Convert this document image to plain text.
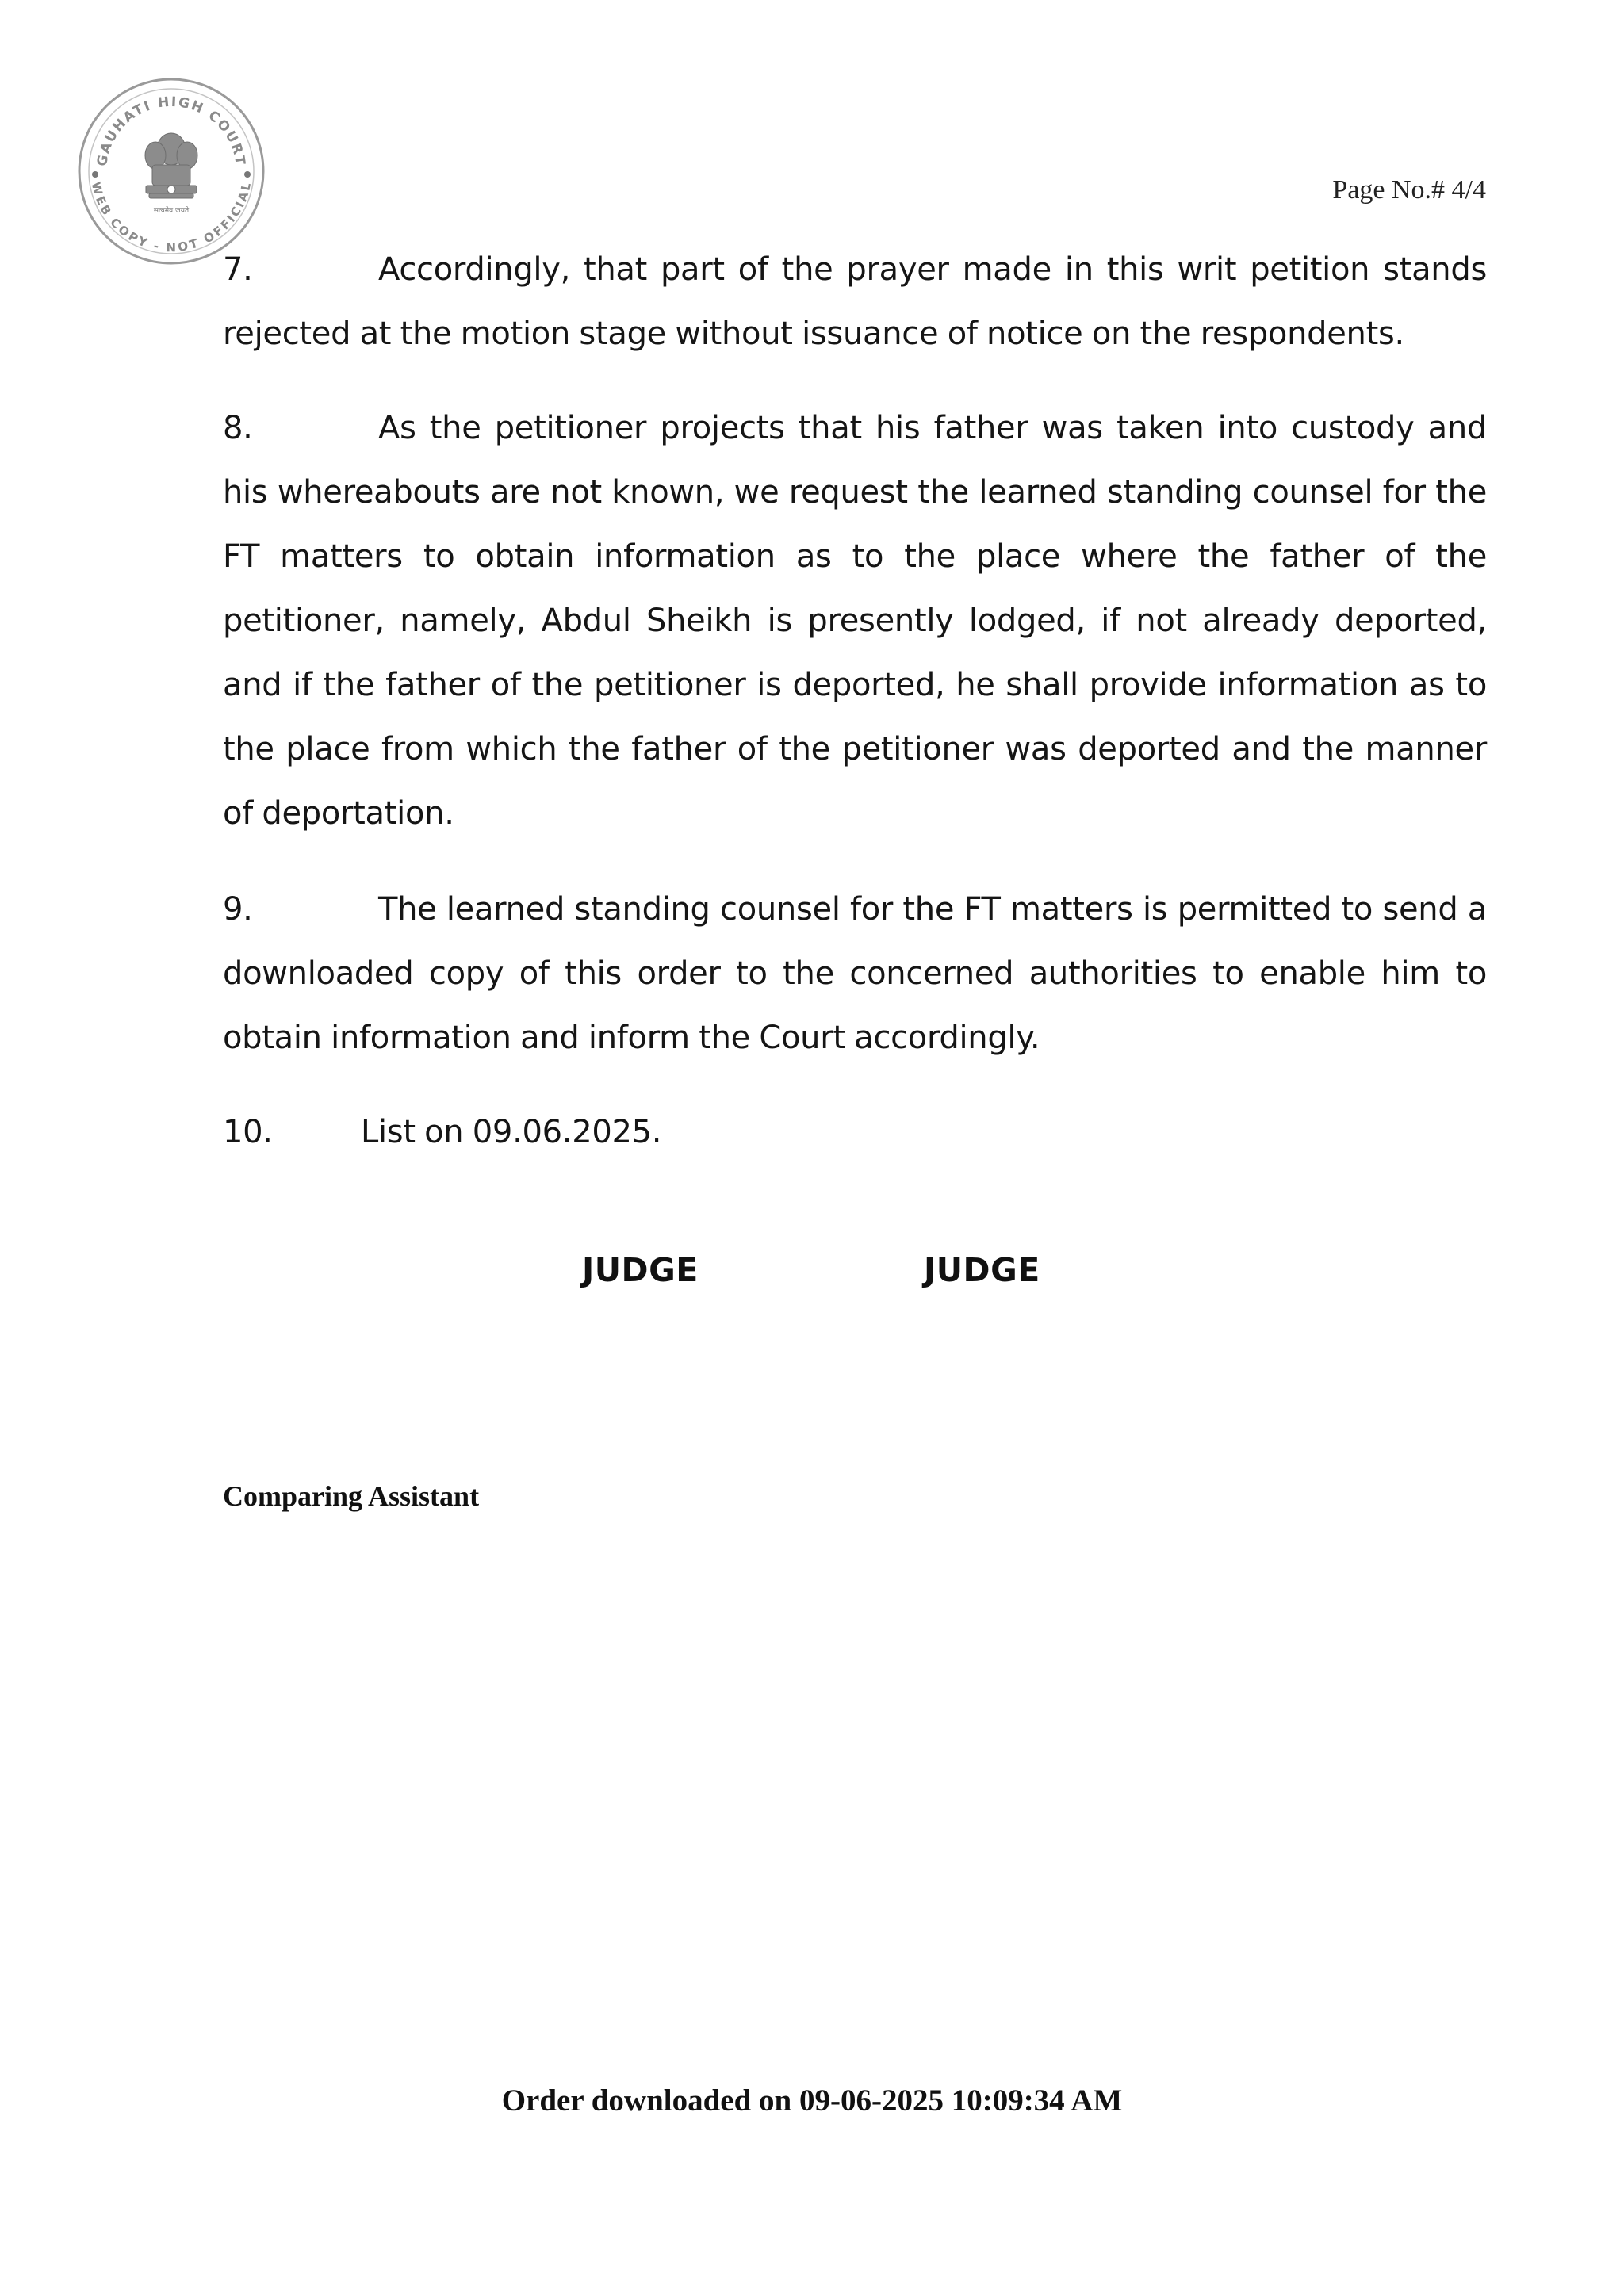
GAUHATI HIGH COURT
WEB COPY - NOT OFFICIAL
सत्यमेव जयते
Page No.# 4/4
7.	Accordingly, that part of the prayer made in this writ petition stands rejected at the motion stage without issuance of notice on the respondents.
8.	As the petitioner projects that his father was taken into custody and his whereabouts are not known, we request the learned standing counsel for the FT matters to obtain information as to the place where the father of the petitioner, namely, Abdul Sheikh is presently lodged, if not already deported, and if the father of the petitioner is deported, he shall provide information as to the place from which the father of the petitioner was deported and the manner of deportation.
9.	The learned standing counsel for the FT matters is permitted to send a downloaded copy of this order to the concerned authorities to enable him to obtain information and inform the Court accordingly.
10.	List on 09.06.2025.
JUDGE	JUDGE
Comparing Assistant
Order downloaded on 09-06-2025 10:09:34 AM
